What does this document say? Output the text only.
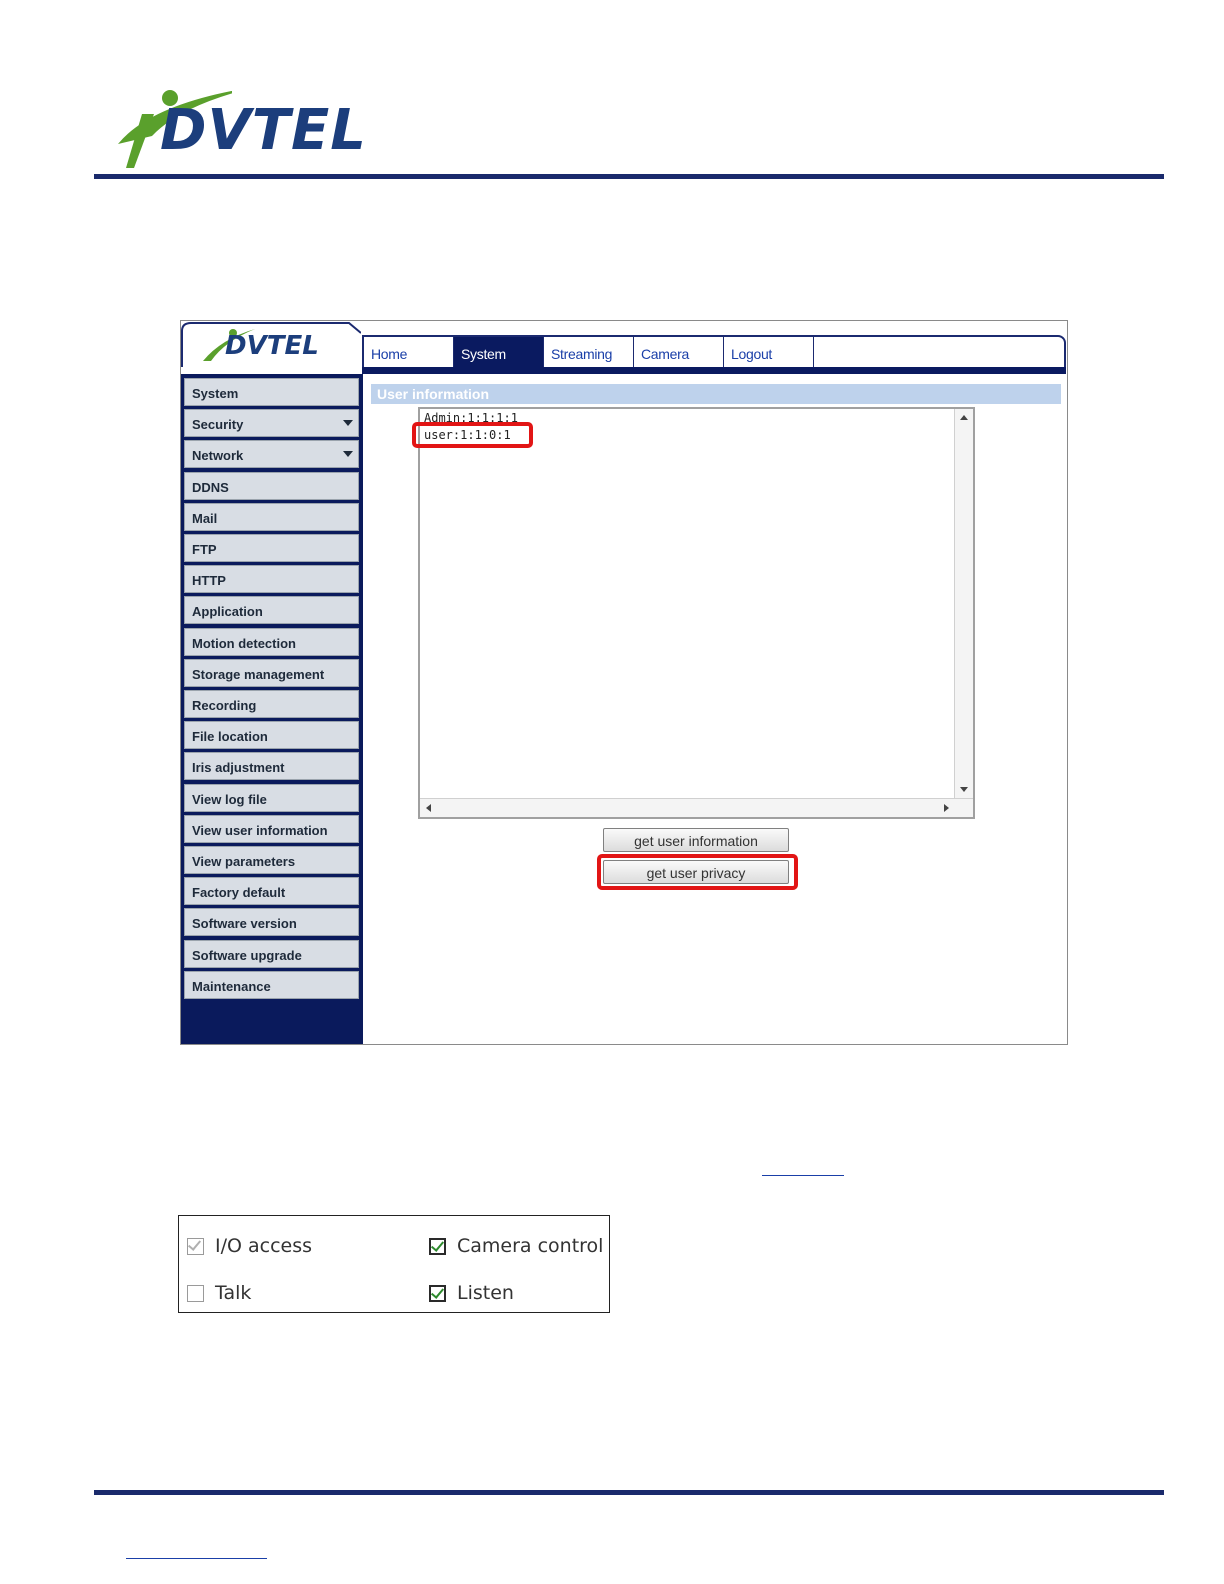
DVTEL
DVTEL	Home	System	Streaming	Camera	Logout
System
Security
Network
DDNS
Mail
FTP
HTTP
Application
Motion detection
Storage management
Recording
File location
Iris adjustment
View log file
View user information
View parameters
Factory default
Software version
Software upgrade
Maintenance
User information
Admin:1:1:1:1
user:1:1:0:1
get user information
get user privacy
I/O access	Camera control
Talk	Listen
